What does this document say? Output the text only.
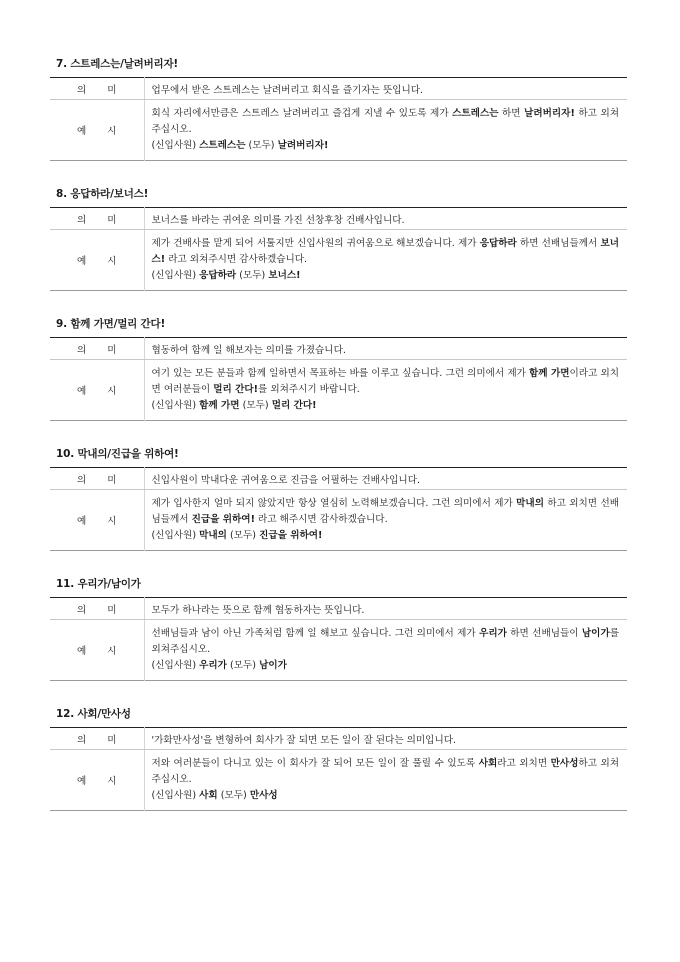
7. 스트레스는/날려버리자!
의 미	업무에서 받은 스트레스는 날려버리고 회식을 즐기자는 뜻입니다.
예 시	회식 자리에서만큼은 스트레스 날려버리고 즐겁게 지낼 수 있도록 제가 스트레스는 하면 날려버리자! 하고 외쳐주십시오.
(신입사원) 스트레스는 (모두) 날려버리자!
8. 응답하라/보너스!
의 미	보너스를 바라는 귀여운 의미를 가진 선창후창 건배사입니다.
예 시	제가 건배사를 맡게 되어 서툴지만 신입사원의 귀여움으로 해보겠습니다. 제가 응답하라 하면 선배님들께서 보너스! 라고 외쳐주시면 감사하겠습니다.
(신입사원) 응답하라 (모두) 보너스!
9. 함께 가면/멀리 간다!
의 미	협동하여 함께 일 해보자는 의미를 가졌습니다.
예 시	여기 있는 모든 분들과 함께 일하면서 목표하는 바를 이루고 싶습니다. 그런 의미에서 제가 함께 가면이라고 외치면 여러분들이 멀리 간다!를 외쳐주시기 바랍니다.
(신입사원) 함께 가면 (모두) 멀리 간다!
10. 막내의/진급을 위하여!
의 미	신입사원이 막내다운 귀여움으로 진급을 어필하는 건배사입니다.
예 시	제가 입사한지 얼마 되지 않았지만 항상 열심히 노력해보겠습니다. 그런 의미에서 제가 막내의 하고 외치면 선배님들께서 진급을 위하여! 라고 해주시면 감사하겠습니다.
(신입사원) 막내의 (모두) 진급을 위하여!
11. 우리가/남이가
의 미	모두가 하나라는 뜻으로 함께 협동하자는 뜻입니다.
예 시	선배님들과 남이 아닌 가족처럼 함께 일 해보고 싶습니다. 그런 의미에서 제가 우리가 하면 선배님들이 남이가를 외쳐주십시오.
(신입사원) 우리가 (모두) 남이가
12. 사회/만사성
의 미	'가화만사성'을 변형하여 회사가 잘 되면 모든 일이 잘 된다는 의미입니다.
예 시	저와 여러분들이 다니고 있는 이 회사가 잘 되어 모든 일이 잘 풀릴 수 있도록 사회라고 외치면 만사성하고 외쳐주십시오.
(신입사원) 사회 (모두) 만사성
